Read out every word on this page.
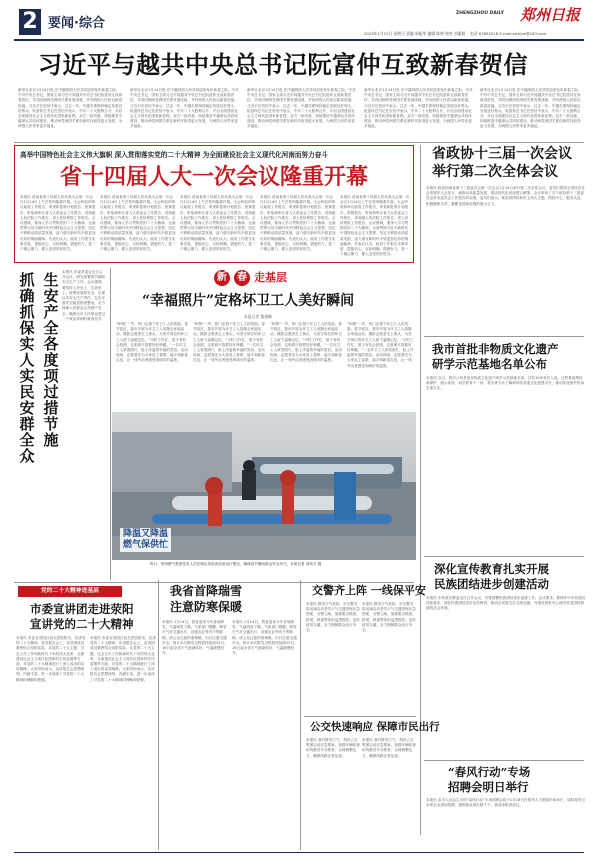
2 要闻·综合
ZHENGZHOU DAILY 郑州日报
2023年1月15日 星期日 责编 周振华 编辑 陈婷 校对 刘素娟 电话 67655216 E-mail:zzrbyw@163.com
习近平与越共中央总书记阮富仲互致新春贺信
新华社北京1月14日电 在中越两国人民共同迎来兔年新春之际，中共中央总书记、国家主席习近平同越共中央总书记阮富仲互致新春贺信，共同回顾两党两国关系发展成就，并向两国人民致以新春祝福。习近平在贺信中表示，过去一年，中越关系保持稳定发展良好势头。阮富仲总书记在贺信中表示，中共二十大胜利召开，开启全面建设社会主义现代化国家新征程。双方一致同意，持续推进中越命运共同体建设，推动两党两国关系在新时代取得更大发展，为两国人民带来更多福祉。
新华社北京1月14日电 在中越两国人民共同迎来兔年新春之际，中共中央总书记、国家主席习近平同越共中央总书记阮富仲互致新春贺信，共同回顾两党两国关系发展成就，并向两国人民致以新春祝福。习近平在贺信中表示，过去一年，中越关系保持稳定发展良好势头。阮富仲总书记在贺信中表示，中共二十大胜利召开，开启全面建设社会主义现代化国家新征程。双方一致同意，持续推进中越命运共同体建设，推动两党两国关系在新时代取得更大发展，为两国人民带来更多福祉。
新华社北京1月14日电 在中越两国人民共同迎来兔年新春之际，中共中央总书记、国家主席习近平同越共中央总书记阮富仲互致新春贺信，共同回顾两党两国关系发展成就，并向两国人民致以新春祝福。习近平在贺信中表示，过去一年，中越关系保持稳定发展良好势头。阮富仲总书记在贺信中表示，中共二十大胜利召开，开启全面建设社会主义现代化国家新征程。双方一致同意，持续推进中越命运共同体建设，推动两党两国关系在新时代取得更大发展，为两国人民带来更多福祉。
新华社北京1月14日电 在中越两国人民共同迎来兔年新春之际，中共中央总书记、国家主席习近平同越共中央总书记阮富仲互致新春贺信，共同回顾两党两国关系发展成就，并向两国人民致以新春祝福。习近平在贺信中表示，过去一年，中越关系保持稳定发展良好势头。阮富仲总书记在贺信中表示，中共二十大胜利召开，开启全面建设社会主义现代化国家新征程。双方一致同意，持续推进中越命运共同体建设，推动两党两国关系在新时代取得更大发展，为两国人民带来更多福祉。
新华社北京1月14日电 在中越两国人民共同迎来兔年新春之际，中共中央总书记、国家主席习近平同越共中央总书记阮富仲互致新春贺信，共同回顾两党两国关系发展成就，并向两国人民致以新春祝福。习近平在贺信中表示，过去一年，中越关系保持稳定发展良好势头。阮富仲总书记在贺信中表示，中共二十大胜利召开，开启全面建设社会主义现代化国家新征程。双方一致同意，持续推进中越命运共同体建设，推动两党两国关系在新时代取得更大发展，为两国人民带来更多福祉。
高举中国特色社会主义伟大旗帜 深入贯彻落实党的二十大精神 为全面建设社会主义现代化河南而努力奋斗
省十四届人大一次会议隆重开幕
本报讯 河南省第十四届人民代表大会第一次会议1月14日上午在郑州隆重开幕。大会听取和审议政府工作报告，审查和批准计划报告、预算报告，听取和审议省人大常委会工作报告、省高级人民法院工作报告、省人民检察院工作报告。会议强调，要深入学习贯彻党的二十大精神，全面贯彻习近平新时代中国特色社会主义思想，坚定不移推动高质量发展，奋力谱写新时代中原更加出彩的绚丽篇章。代表们认为，政府工作报告实事求是、提振信心，目标明确、措施有力，是一个凝心聚力、催人奋进的好报告。
本报讯 河南省第十四届人民代表大会第一次会议1月14日上午在郑州隆重开幕。大会听取和审议政府工作报告，审查和批准计划报告、预算报告，听取和审议省人大常委会工作报告、省高级人民法院工作报告、省人民检察院工作报告。会议强调，要深入学习贯彻党的二十大精神，全面贯彻习近平新时代中国特色社会主义思想，坚定不移推动高质量发展，奋力谱写新时代中原更加出彩的绚丽篇章。代表们认为，政府工作报告实事求是、提振信心，目标明确、措施有力，是一个凝心聚力、催人奋进的好报告。
本报讯 河南省第十四届人民代表大会第一次会议1月14日上午在郑州隆重开幕。大会听取和审议政府工作报告，审查和批准计划报告、预算报告，听取和审议省人大常委会工作报告、省高级人民法院工作报告、省人民检察院工作报告。会议强调，要深入学习贯彻党的二十大精神，全面贯彻习近平新时代中国特色社会主义思想，坚定不移推动高质量发展，奋力谱写新时代中原更加出彩的绚丽篇章。代表们认为，政府工作报告实事求是、提振信心，目标明确、措施有力，是一个凝心聚力、催人奋进的好报告。
本报讯 河南省第十四届人民代表大会第一次会议1月14日上午在郑州隆重开幕。大会听取和审议政府工作报告，审查和批准计划报告、预算报告，听取和审议省人大常委会工作报告、省高级人民法院工作报告、省人民检察院工作报告。会议强调，要深入学习贯彻党的二十大精神，全面贯彻习近平新时代中国特色社会主义思想，坚定不移推动高质量发展，奋力谱写新时代中原更加出彩的绚丽篇章。代表们认为，政府工作报告实事求是、提振信心，目标明确、措施有力，是一个凝心聚力、催人奋进的好报告。
本报讯 河南省第十四届人民代表大会第一次会议1月14日上午在郑州隆重开幕。大会听取和审议政府工作报告，审查和批准计划报告、预算报告，听取和审议省人大常委会工作报告、省高级人民法院工作报告、省人民检察院工作报告。会议强调，要深入学习贯彻党的二十大精神，全面贯彻习近平新时代中国特色社会主义思想，坚定不移推动高质量发展，奋力谱写新时代中原更加出彩的绚丽篇章。代表们认为，政府工作报告实事求是、提振信心，目标明确、措施有力，是一个凝心聚力、催人奋进的好报告。
省政协十三届一次会议
举行第二次全体会议
本报讯 政协河南省第十三届委员会第一次会议1月14日举行第二次全体会议。委员们围绕全省经济社会发展作大会发言，就推动高质量发展、建设现代化河南建言献策。会议听取了关于政协第十三届委员会常务委员会工作报告的说明。委员们表示，要坚持团结和民主两大主题，围绕中心、服务大局，积极履职尽责，凝聚奋进新征程的强大合力。
抓
确
抓
保
实
人
实
民
安
群
全
众
生
安
产
全
各
度
项
过
措
节
施
本报讯 市委常委会近日召开会议，研究部署春节期间安全生产工作。会议强调，要坚持人民至上、生命至上，统筹发展和安全，压紧压实安全生产责任，扎实开展安全隐患排查整治，全力保障人民群众生命财产安全，确保全市人民群众度过一个欢乐祥和的新春佳节。
新	春 走基层
“幸福照片”定格坏卫工人美好瞬间
本报记者 董建峰
“咔嚓”一声，快门定格下环卫工人的笑脸。春节临近，我市开展为环卫工人拍摄全家福活动，摄影志愿者走上街头，为坚守岗位的环卫工人留下温暖记忆。“平时工作忙，很少有机会拍照，这张照片我要好好珍藏。”一名环卫工人拿着照片，脸上洋溢着幸福的笑容。活动现场，志愿者还为大家送上春联、福字和新春礼包，让一线劳动者感受到城市的温度。
“咔嚓”一声，快门定格下环卫工人的笑脸。春节临近，我市开展为环卫工人拍摄全家福活动，摄影志愿者走上街头，为坚守岗位的环卫工人留下温暖记忆。“平时工作忙，很少有机会拍照，这张照片我要好好珍藏。”一名环卫工人拿着照片，脸上洋溢着幸福的笑容。活动现场，志愿者还为大家送上春联、福字和新春礼包，让一线劳动者感受到城市的温度。
“咔嚓”一声，快门定格下环卫工人的笑脸。春节临近，我市开展为环卫工人拍摄全家福活动，摄影志愿者走上街头，为坚守岗位的环卫工人留下温暖记忆。“平时工作忙，很少有机会拍照，这张照片我要好好珍藏。”一名环卫工人拿着照片，脸上洋溢着幸福的笑容。活动现场，志愿者还为大家送上春联、福字和新春礼包，让一线劳动者感受到城市的温度。
“咔嚓”一声，快门定格下环卫工人的笑脸。春节临近，我市开展为环卫工人拍摄全家福活动，摄影志愿者走上街头，为坚守岗位的环卫工人留下温暖记忆。“平时工作忙，很少有机会拍照，这张照片我要好好珍藏。”一名环卫工人拿着照片，脸上洋溢着幸福的笑容。活动现场，志愿者还为大家送上春联、福字和新春礼包，让一线劳动者感受到城市的温度。
降温又降温
燃气保供忙
昨日，郑州燃气集团技术人员在调压站检查设备运行情况，确保春节期间群众安全用气。本报记者 刘伟平 摄
我市首批非物质文化遗产
研学示范基地名单公布
本报讯 近日，我市公布首批非物质文化遗产研学示范基地名单，共有10家单位入选。这些基地集传承保护、展示体验、研学教育于一体，将为青少年了解和体验非遗文化搭建平台，推动非遗保护传承走深走实。
深化宣传教育扎实开展
民族团结进步创建活动
本报讯 市民族宗教委近日召开会议，安排部署民族团结进步创建工作。会议要求，要铸牢中华民族共同体意识，深化民族团结进步宣传教育，推动各民族交往交流交融，为建设国家中心城市营造团结和谐的社会环境。
“春风行动”专场
招聘会明日举行
本报讯 由市人社局主办的“春风行动”专场招聘会将于1月16日在郑州人力资源市场举行，届时将有百余家企业进场招聘，提供就业岗位数千个，欢迎求职者前往。
党的二十大精神进基层
市委宣讲团走进荥阳
宣讲党的二十大精神
本报讯 市委宣讲团日前走进荥阳市，宣讲党的二十大精神。宣讲报告会上，宣讲团成员紧密结合荥阳实际，从党的二十大主题、过去五年工作和新时代十年的伟大变革、全面建设社会主义现代化国家的宏伟蓝图等方面，对党的二十大精神进行了深入浅出的宣讲阐释。大家纷纷表示，宣讲报告会思想深刻、内涵丰富，进一步加深了对党的二十大精神的理解和把握。
本报讯 市委宣讲团日前走进荥阳市，宣讲党的二十大精神。宣讲报告会上，宣讲团成员紧密结合荥阳实际，从党的二十大主题、过去五年工作和新时代十年的伟大变革、全面建设社会主义现代化国家的宏伟蓝图等方面，对党的二十大精神进行了深入浅出的宣讲阐释。大家纷纷表示，宣讲报告会思想深刻、内涵丰富，进一步加深了对党的二十大精神的理解和把握。
我省首降瑞雪
注意防寒保暖
本报讯 1月14日，我省迎来今冬首场降雪，气温明显下降。气象部门提醒，降雪天气对交通出行、设施农业等有不利影响，请公众注意防寒保暖，出行注意交通安全。预计本次降雪过程将持续到15日，16日起全省天气逐渐转好，气温缓慢回升。
本报讯 1月14日，我省迎来今冬首场降雪，气温明显下降。气象部门提醒，降雪天气对交通出行、设施农业等有不利影响，请公众注意防寒保暖，出行注意交通安全。预计本次降雪过程将持续到15日，16日起全省天气逐渐转好，气温缓慢回升。
交警齐上阵 一线保平安
本报讯 降雪天气来临，市交警支队迅速启动恶劣天气交通管理应急预案，全警上路，加强重点路段、桥梁、坡道等处的巡逻管控，及时疏导交通，全力保障群众出行安全。
本报讯 降雪天气来临，市交警支队迅速启动恶劣天气交通管理应急预案，全警上路，加强重点路段、桥梁、坡道等处的巡逻管控，及时疏导交通，全力保障群众出行安全。
公交快速响应 保障市民出行
本报讯 面对降雪天气，郑州公交集团启动应急预案，加强车辆检查和驾驶员安全教育，合理调整运力，确保线路正常运营。
本报讯 面对降雪天气，郑州公交集团启动应急预案，加强车辆检查和驾驶员安全教育，合理调整运力，确保线路正常运营。
